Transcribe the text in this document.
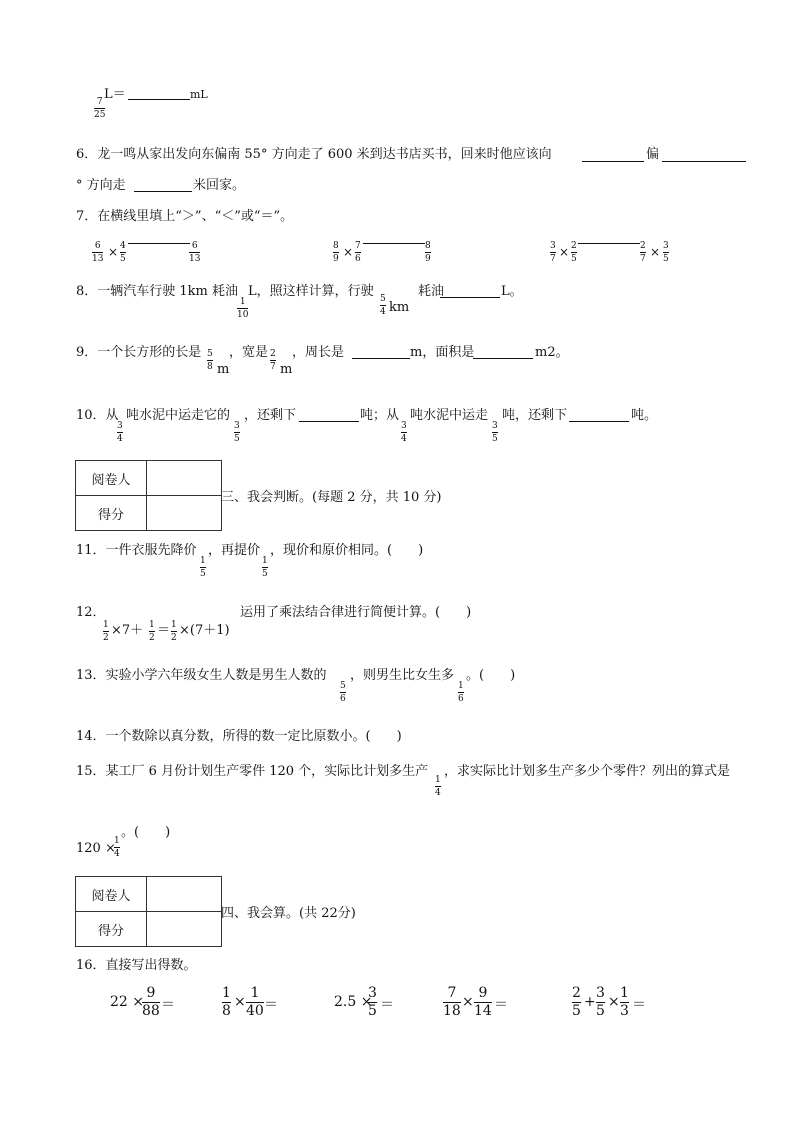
7
25
L＝	mL
6．龙一鸣从家出发向东偏南 55° 方向走了 600 米到达书店买书，回来时他应该向	偏
° 方向走	米回家。
7．在横线里填上“＞”、“＜”或“＝”。
6
13 × 4
5
6
13
8
9 × 7
6
8
9
3
7 × 2
5
2
7 × 3
5
8．一辆汽车行驶 1km 耗油
1
10
L，照这样计算，行驶 5
4 km
耗油	L。
9．一个长方形的长是 5
8 m
，宽是 2
7 m
，周长是	m，面积是	m2。
10．从
3
4
吨水泥中运走它的
3
5
，还剩下	吨；从
3
4
吨水泥中运走
3
5
吨，还剩下	吨。
阅卷人	
得分	
三、我会判断。(每题 2 分，共 10 分)
11．一件衣服先降价
1
5
，再提价
1
5
，现价和原价相同。(　　)
12．
1
2 ×7＋ 1
2 ＝ 1
2 ×(7＋1)
运用了乘法结合律进行简便计算。(　　)
13．实验小学六年级女生人数是男生人数的
5
6
，则男生比女生多
1
6
。(　　)
14．一个数除以真分数，所得的数一定比原数小。(　　)
15．某工厂 6 月份计划生产零件 120 个，实际比计划多生产
1
4
，求实际比计划多生产多少个零件？列出的算式是
120 ×
1
4
。(　　)
阅卷人	
得分	
四、我会算。(共 22分)
16．直接写出得数。
22 ×
9
88 ＝
1
8
×
1
40 ＝	2.5 ×
3
5 ＝
7
18
×
9
14 ＝
2
5
+
3
5
×
1
3 ＝
